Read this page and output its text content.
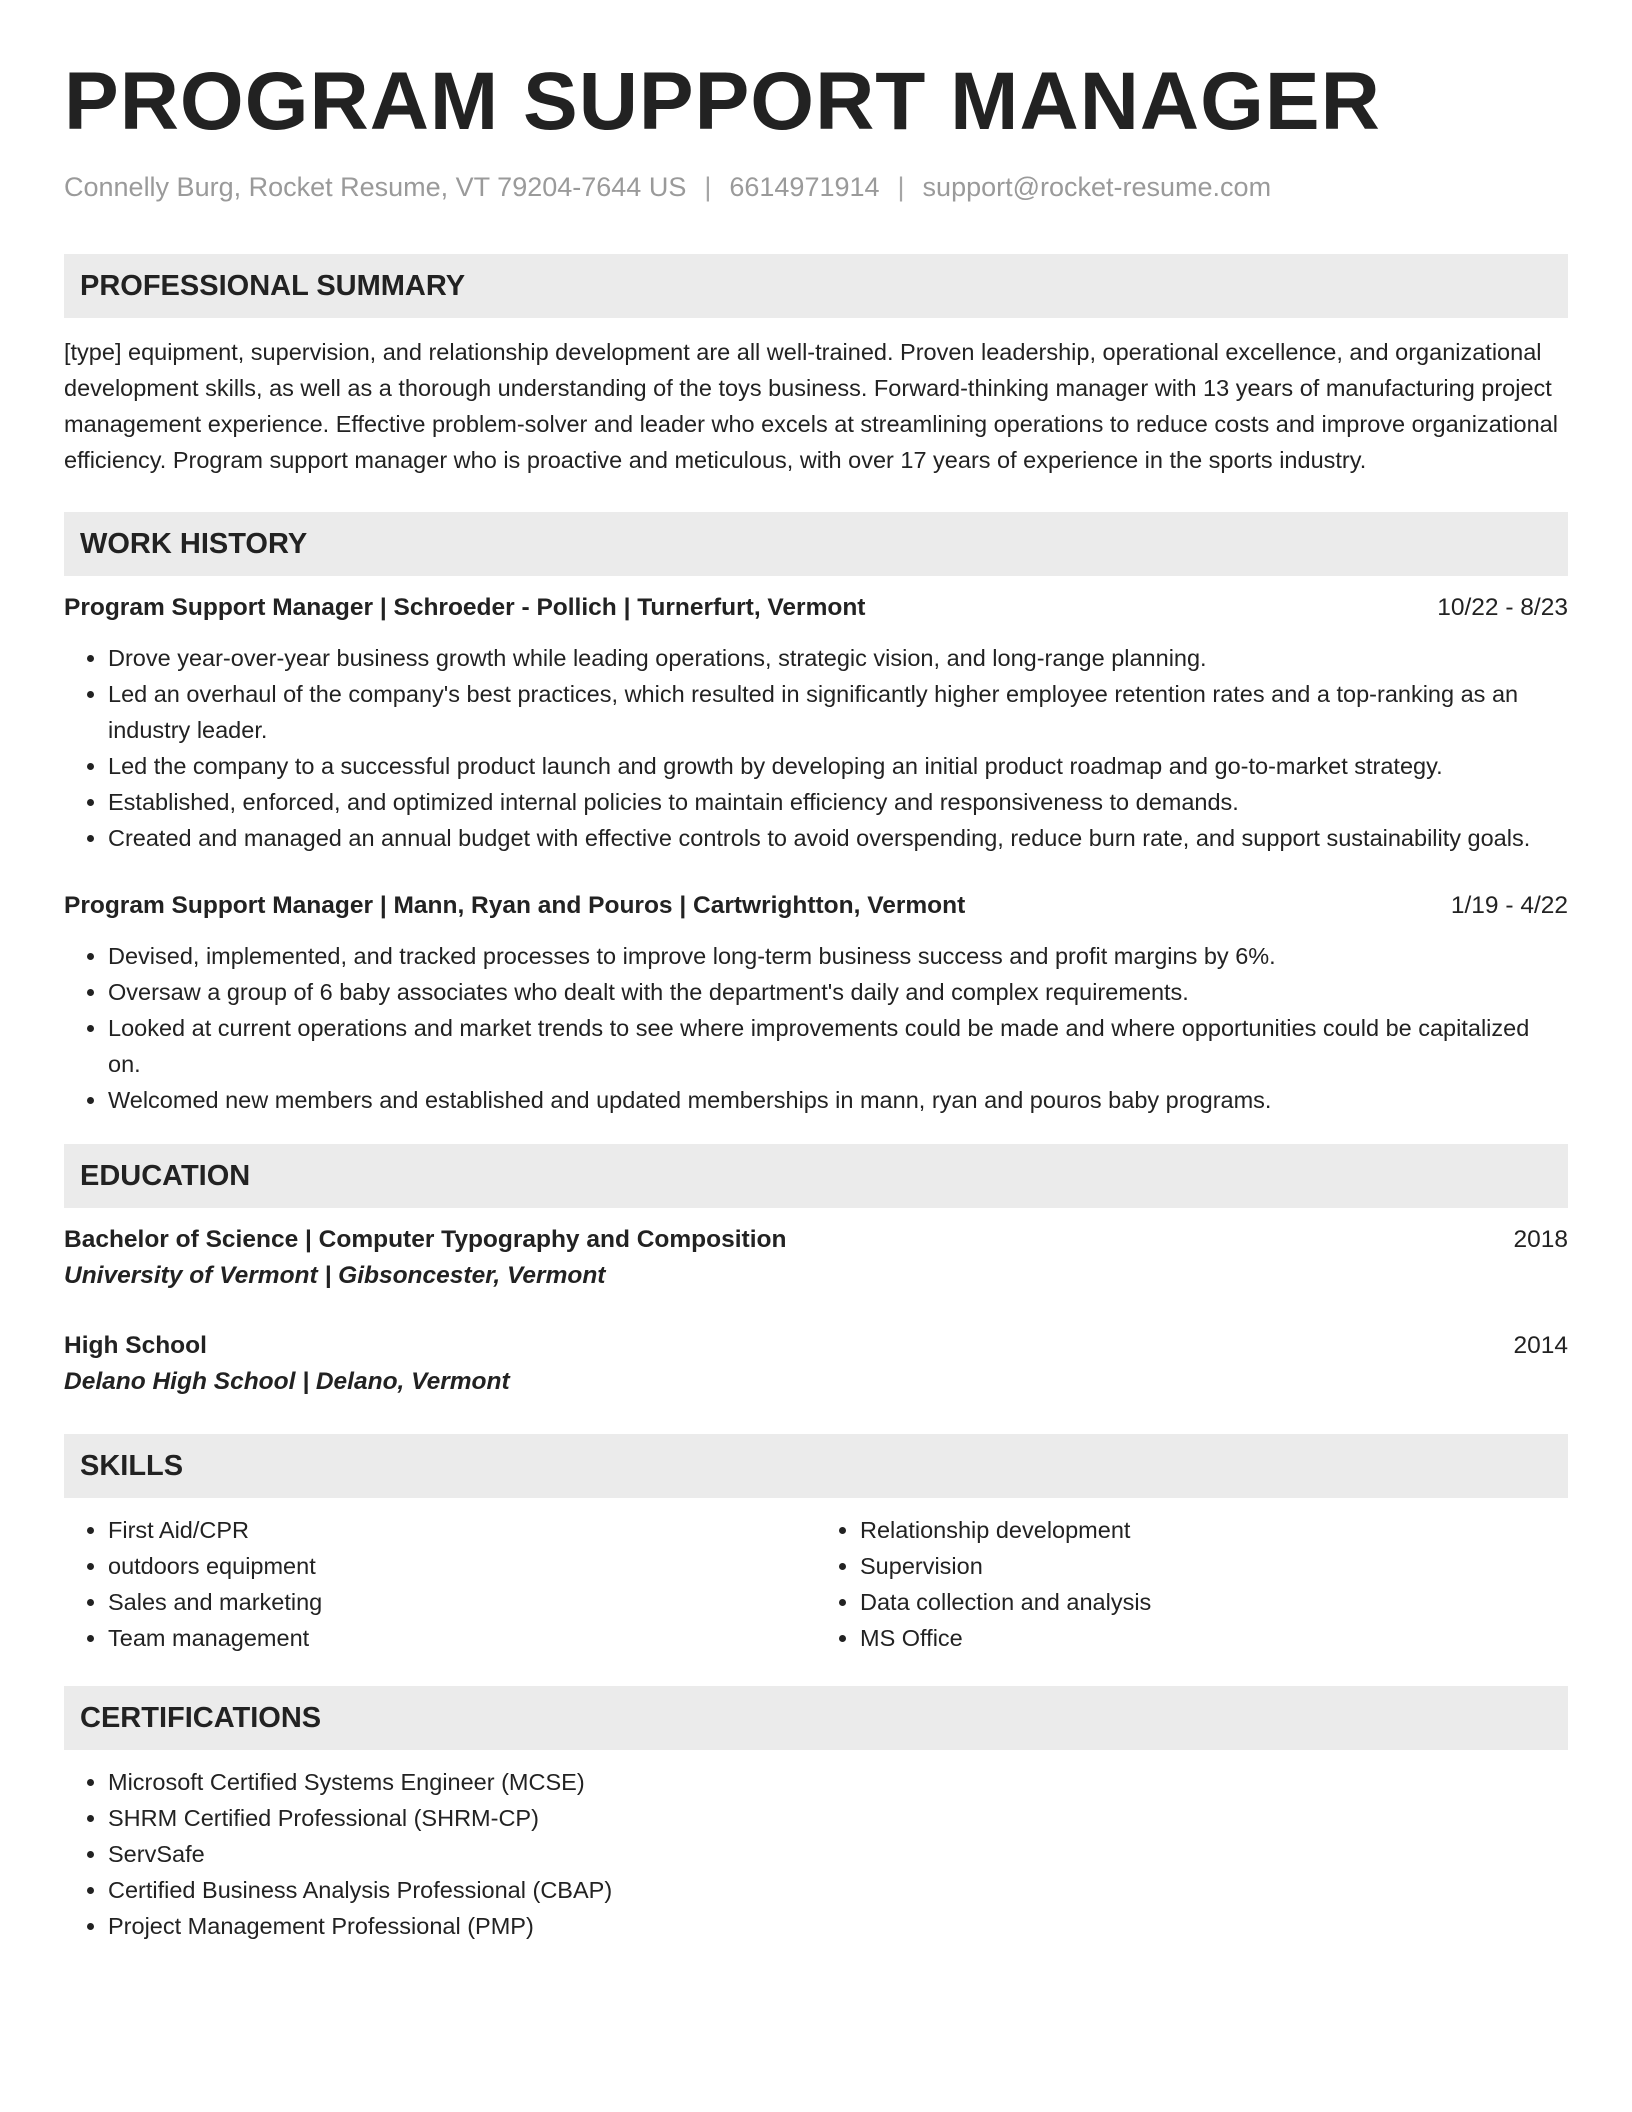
PROGRAM SUPPORT MANAGER
Connelly Burg, Rocket Resume, VT 79204-7644 US | 6614971914 | support@rocket-resume.com
PROFESSIONAL SUMMARY
[type] equipment, supervision, and relationship development are all well-trained. Proven leadership, operational excellence, and organizational development skills, as well as a thorough understanding of the toys business. Forward-thinking manager with 13 years of manufacturing project management experience. Effective problem-solver and leader who excels at streamlining operations to reduce costs and improve organizational efficiency. Program support manager who is proactive and meticulous, with over 17 years of experience in the sports industry.
WORK HISTORY
Program Support Manager | Schroeder - Pollich | Turnerfurt, Vermont	10/22 - 8/23
• Drove year-over-year business growth while leading operations, strategic vision, and long-range planning.
• Led an overhaul of the company's best practices, which resulted in significantly higher employee retention rates and a top-ranking as an industry leader.
• Led the company to a successful product launch and growth by developing an initial product roadmap and go-to-market strategy.
• Established, enforced, and optimized internal policies to maintain efficiency and responsiveness to demands.
• Created and managed an annual budget with effective controls to avoid overspending, reduce burn rate, and support sustainability goals.
Program Support Manager | Mann, Ryan and Pouros | Cartwrightton, Vermont	1/19 - 4/22
• Devised, implemented, and tracked processes to improve long-term business success and profit margins by 6%.
• Oversaw a group of 6 baby associates who dealt with the department's daily and complex requirements.
• Looked at current operations and market trends to see where improvements could be made and where opportunities could be capitalized on.
• Welcomed new members and established and updated memberships in mann, ryan and pouros baby programs.
EDUCATION
Bachelor of Science | Computer Typography and Composition	2018
University of Vermont | Gibsoncester, Vermont
High School	2014
Delano High School | Delano, Vermont
SKILLS
• First Aid/CPR
• outdoors equipment
• Sales and marketing
• Team management
• Relationship development
• Supervision
• Data collection and analysis
• MS Office
CERTIFICATIONS
• Microsoft Certified Systems Engineer (MCSE)
• SHRM Certified Professional (SHRM-CP)
• ServSafe
• Certified Business Analysis Professional (CBAP)
• Project Management Professional (PMP)
